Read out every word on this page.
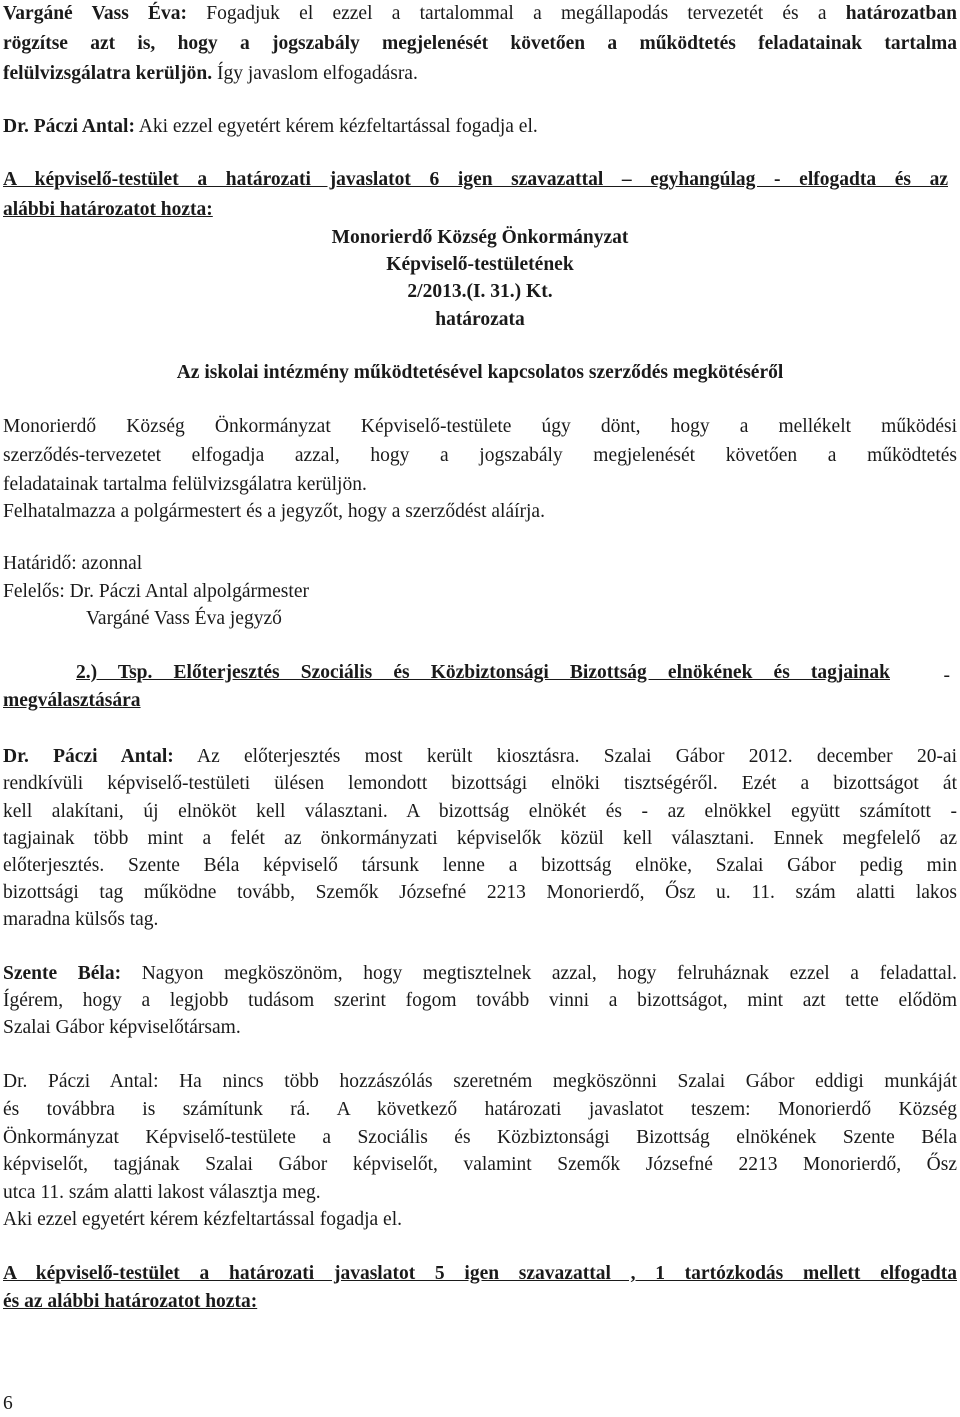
Vargáné Vass Éva: Fogadjuk el ezzel a tartalommal a megállapodás tervezetét és a határozatban
rögzítse azt is, hogy a jogszabály megjelenését követően a működtetés feladatainak tartalma
felülvizsgálatra kerüljön. Így javaslom elfogadásra.
Dr. Páczi Antal: Aki ezzel egyetért kérem kézfeltartással fogadja el.
A képviselő-testület a határozati javaslatot 6 igen szavazattal – egyhangúlag - elfogadta és az
alábbi határozatot hozta:
Monorierdő Község Önkormányzat
Képviselő-testületének
2/2013.(I. 31.) Kt.
határozata
Az iskolai intézmény működtetésével kapcsolatos szerződés megkötéséről
Monorierdő Község Önkormányzat Képviselő-testülete úgy dönt, hogy a mellékelt működési
szerződés-tervezetet elfogadja azzal, hogy a jogszabály megjelenését követően a működtetés
feladatainak tartalma felülvizsgálatra kerüljön.
Felhatalmazza a polgármestert és a jegyzőt, hogy a szerződést aláírja.
Határidő: azonnal
Felelős: Dr. Páczi Antal alpolgármester
Vargáné Vass Éva jegyző
2.) Tsp. Előterjesztés Szociális és Közbiztonsági Bizottság elnökének és tagjainak	-
megválasztására
Dr. Páczi Antal: Az előterjesztés most került kiosztásra. Szalai Gábor 2012. december 20-ai
rendkívüli képviselő-testületi ülésen lemondott bizottsági elnöki tisztségéről. Ezét a bizottságot át
kell alakítani, új elnököt kell választani. A bizottság elnökét és - az elnökkel együtt számított -
tagjainak több mint a felét az önkormányzati képviselők közül kell választani. Ennek megfelelő az
előterjesztés. Szente Béla képviselő társunk lenne a bizottság elnöke, Szalai Gábor pedig min
bizottsági tag működne tovább, Szemők Józsefné 2213 Monorierdő, Ősz u. 11. szám alatti lakos
maradna külsős tag.
Szente Béla: Nagyon megköszönöm, hogy megtisztelnek azzal, hogy felruháznak ezzel a feladattal.
Ígérem, hogy a legjobb tudásom szerint fogom tovább vinni a bizottságot, mint azt tette elődöm
Szalai Gábor képviselőtársam.
Dr. Páczi Antal: Ha nincs több hozzászólás szeretném megköszönni Szalai Gábor eddigi munkáját
és továbbra is számítunk rá. A következő határozati javaslatot teszem: Monorierdő Község
Önkormányzat Képviselő-testülete a Szociális és Közbiztonsági Bizottság elnökének Szente Béla
képviselőt, tagjának Szalai Gábor képviselőt, valamint Szemők Józsefné 2213 Monorierdő, Ősz
utca 11. szám alatti lakost választja meg.
Aki ezzel egyetért kérem kézfeltartással fogadja el.
A képviselő-testület a határozati javaslatot 5 igen szavazattal , 1 tartózkodás mellett elfogadta
és az alábbi határozatot hozta:
6
